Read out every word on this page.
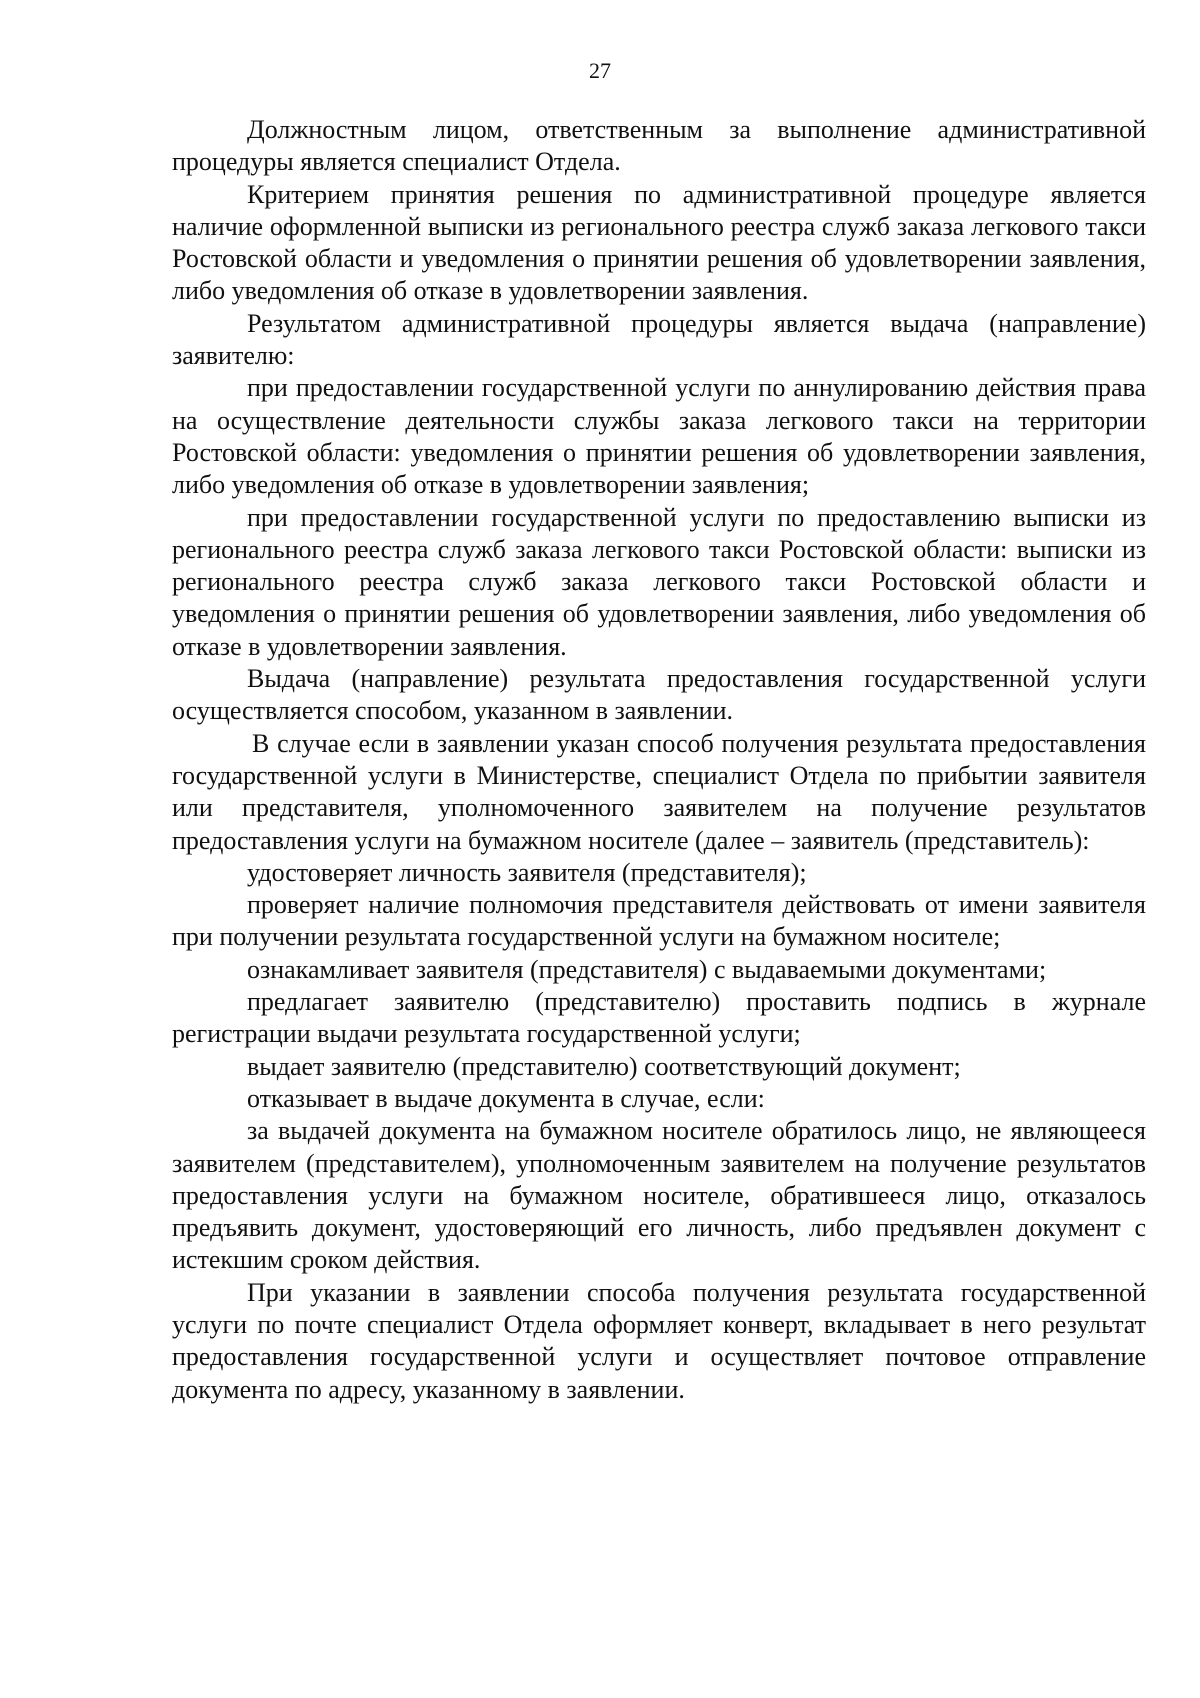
27

Должностным лицом, ответственным за выполнение административной процедуры является специалист Отдела.

Критерием принятия решения по административной процедуре является наличие оформленной выписки из регионального реестра служб заказа легкового такси Ростовской области и уведомления о принятии решения об удовлетворении заявления, либо уведомления об отказе в удовлетворении заявления.

Результатом административной процедуры является выдача (направление) заявителю:

при предоставлении государственной услуги по аннулированию действия права на осуществление деятельности службы заказа легкового такси на территории Ростовской области: уведомления о принятии решения об удовлетворении заявления, либо уведомления об отказе в удовлетворении заявления;

при предоставлении государственной услуги по предоставлению выписки из регионального реестра служб заказа легкового такси Ростовской области: выписки из регионального реестра служб заказа легкового такси Ростовской области и уведомления о принятии решения об удовлетворении заявления, либо уведомления об отказе в удовлетворении заявления.

Выдача (направление) результата предоставления государственной услуги осуществляется способом, указанном в заявлении.

В случае если в заявлении указан способ получения результата предоставления государственной услуги в Министерстве, специалист Отдела по прибытии заявителя или представителя, уполномоченного заявителем на получение результатов предоставления услуги на бумажном носителе (далее – заявитель (представитель):

удостоверяет личность заявителя (представителя);

проверяет наличие полномочия представителя действовать от имени заявителя при получении результата государственной услуги на бумажном носителе;

ознакамливает заявителя (представителя) с выдаваемыми документами;

предлагает заявителю (представителю) проставить подпись в журнале регистрации выдачи результата государственной услуги;

выдает заявителю (представителю) соответствующий документ;

отказывает в выдаче документа в случае, если:

за выдачей документа на бумажном носителе обратилось лицо, не являющееся заявителем (представителем), уполномоченным заявителем на получение результатов предоставления услуги на бумажном носителе, обратившееся лицо, отказалось предъявить документ, удостоверяющий его личность, либо предъявлен документ с истекшим сроком действия.

При указании в заявлении способа получения результата государственной услуги по почте специалист Отдела оформляет конверт, вкладывает в него результат предоставления государственной услуги и осуществляет почтовое отправление документа по адресу, указанному в заявлении.
